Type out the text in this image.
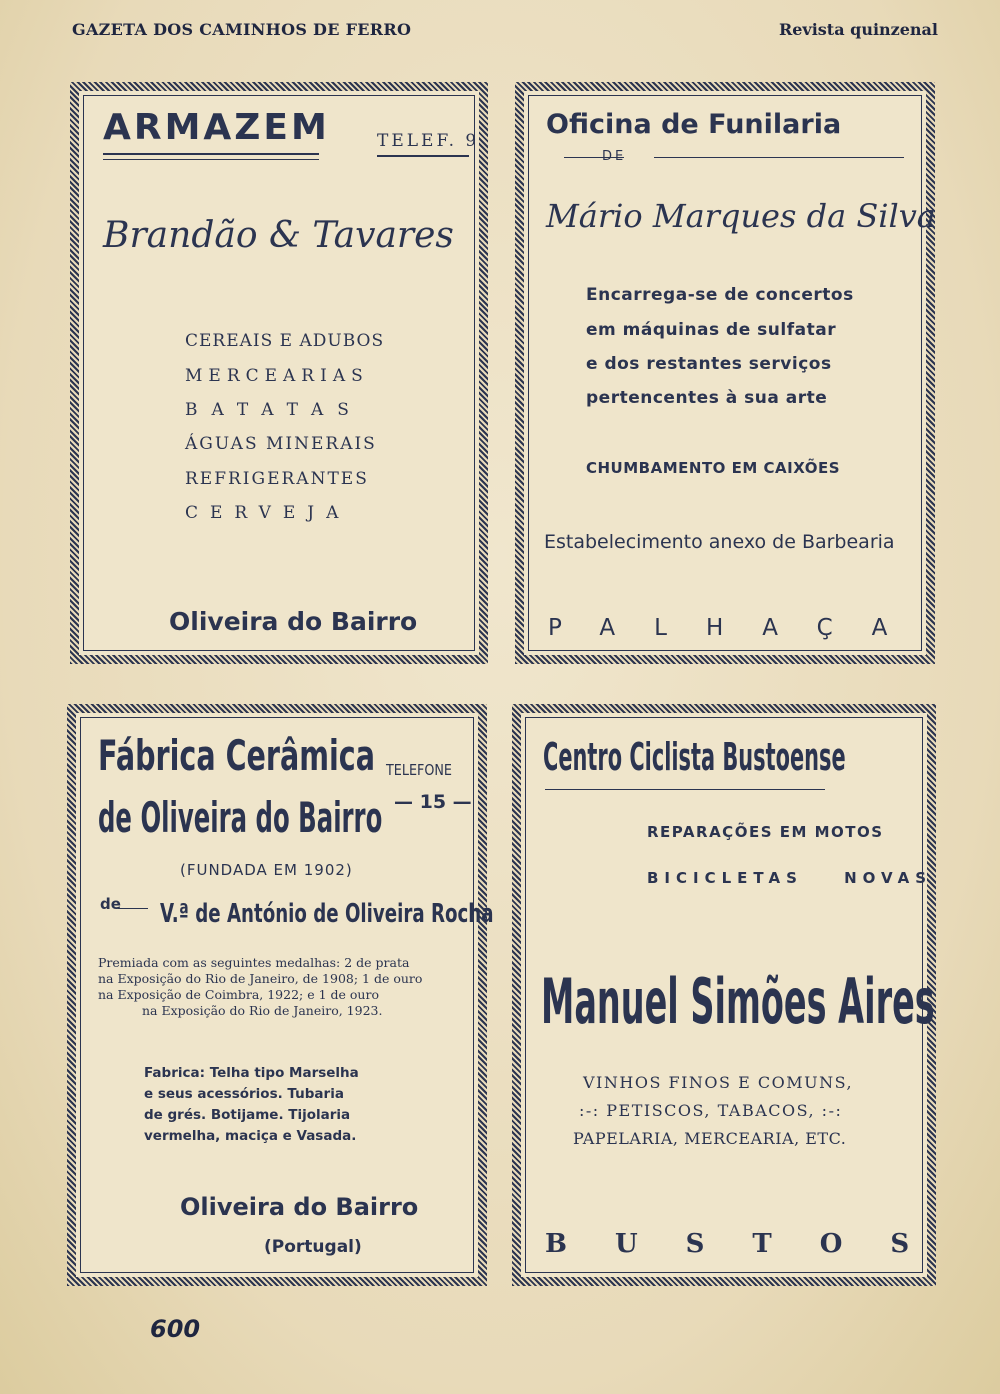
GAZETA DOS CAMINHOS DE FERRO	Revista quinzenal
ARMAZEM	TELEF. 9
Brandão & Tavares
CEREAIS E ADUBOS
MERCEARIAS
BATATAS
ÁGUAS MINERAIS
REFRIGERANTES
CERVEJA
Oliveira do Bairro
Oficina de Funilaria
DE
Mário Marques da Silva
Encarrega-se de concertos
em máquinas de sulfatar
e dos restantes serviços
pertencentes à sua arte
CHUMBAMENTO EM CAIXÕES
Estabelecimento anexo de Barbearia
PALHAÇA
Fábrica Cerâmica
de Oliveira do Bairro
TELEFONE
— 15 —
(FUNDADA EM 1902)
de V.ª de António de Oliveira Rocha
Premiada com as seguintes medalhas: 2 de prata
na Exposição do Rio de Janeiro, de 1908; 1 de ouro
na Exposição de Coimbra, 1922; e 1 de ouro
na Exposição do Rio de Janeiro, 1923.
Fabrica: Telha tipo Marselha
e seus acessórios. Tubaria
de grés. Botijame. Tijolaria
vermelha, maciça e Vasada.
Oliveira do Bairro
(Portugal)
Centro Ciclista Bustoense
REPARAÇÕES EM MOTOS
BICICLETAS NOVAS
Manuel Simões Aires
VINHOS FINOS E COMUNS,
:-: PETISCOS, TABACOS, :-:
PAPELARIA, MERCEARIA, ETC.
BUSTOS
600
